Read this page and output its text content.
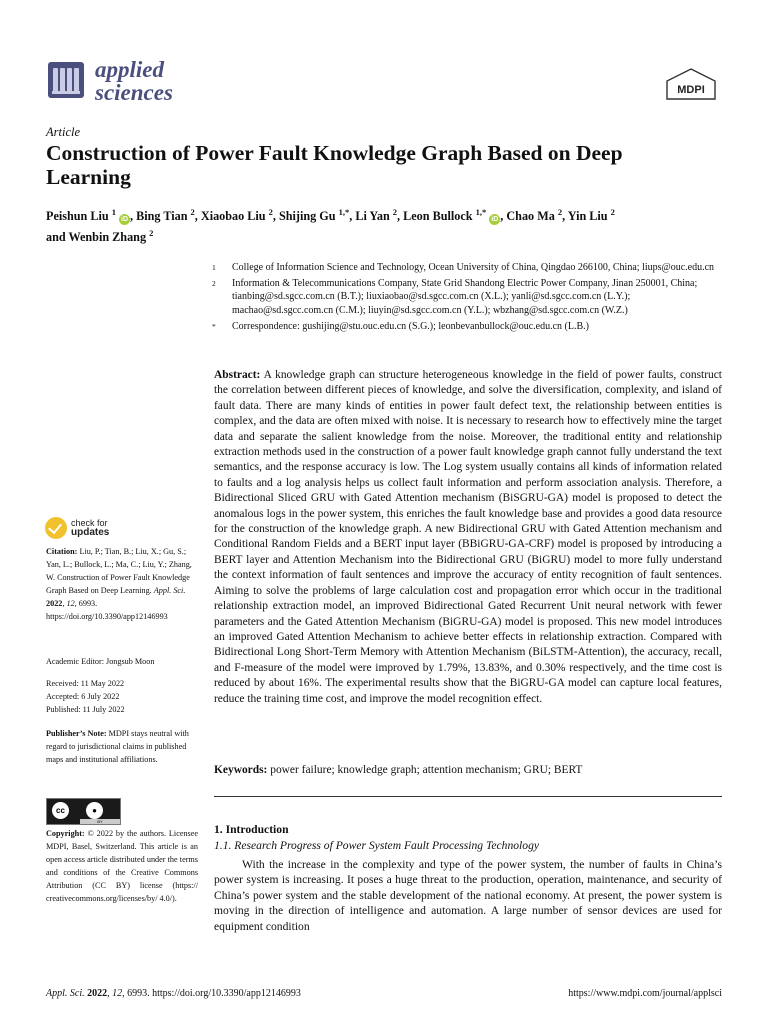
applied
sciences	MDPI
Article
Construction of Power Fault Knowledge Graph Based on Deep Learning
Peishun Liu $^1$ iD , Bing Tian $^2$, Xiaobao Liu $^2$, Shijing Gu $^{1,*}$, Li Yan $^2$, Leon Bullock $^{1,*}$ iD , Chao Ma $^2$, Yin Liu $^2$
and Wenbin Zhang $^2$
1	College of Information Science and Technology, Ocean University of China, Qingdao 266100, China; liups@ouc.edu.cn
2	Information & Telecommunications Company, State Grid Shandong Electric Power Company, Jinan 250001, China; tianbing@sd.sgcc.com.cn (B.T.); liuxiaobao@sd.sgcc.com.cn (X.L.); yanli@sd.sgcc.com.cn (L.Y.); machao@sd.sgcc.com.cn (C.M.); liuyin@sd.sgcc.com.cn (Y.L.); wbzhang@sd.sgcc.com.cn (W.Z.)
*	Correspondence: gushijing@stu.ouc.edu.cn (S.G.); leonbevanbullock@ouc.edu.cn (L.B.)
Abstract: A knowledge graph can structure heterogeneous knowledge in the field of power faults, construct the correlation between different pieces of knowledge, and solve the diversification, complexity, and island of fault data. There are many kinds of entities in power fault defect text, the relationship between entities is complex, and the data are often mixed with noise. It is necessary to research how to effectively mine the target data and separate the salient knowledge from the noise. Moreover, the traditional entity and relationship extraction methods used in the construction of a power fault knowledge graph cannot fully understand the text semantics, and the response accuracy is low. The Log system usually contains all kinds of information related to faults and a log analysis helps us collect fault information and perform association analysis. Therefore, a Bidirectional Sliced GRU with Gated Attention mechanism (BiSGRU-GA) model is proposed to detect the anomalous logs in the power system, this enriches the fault knowledge base and provides a good data resource for the construction of the knowledge graph. A new Bidirectional GRU with Gated Attention mechanism and Conditional Random Fields and a BERT input layer (BBiGRU-GA-CRF) model is proposed by introducing a BERT layer and Attention Mechanism into the Bidirectional GRU (BiGRU) model to more fully understand the context information of fault sentences and improve the accuracy of entity recognition of fault sentences. Aiming to solve the problems of large calculation cost and propagation error which occur in the traditional relationship extraction model, an improved Bidirectional Gated Recurrent Unit neural network with fewer parameters and the Gated Attention Mechanism (BiGRU-GA) model is proposed. This new model introduces an improved Gated Attention Mechanism to achieve better effects in relationship extraction. Compared with Bidirectional Long Short-Term Memory with Attention Mechanism (BiLSTM-Attention), the accuracy, recall, and F-measure of the model were improved by 1.79%, 13.83%, and 0.30% respectively, and the time cost is reduced by about 16%. The experimental results show that the BiGRU-GA model can capture local features, reduce the training time cost, and improve the model recognition effect.
Keywords: power failure; knowledge graph; attention mechanism; GRU; BERT
1. Introduction
1.1. Research Progress of Power System Fault Processing Technology
With the increase in the complexity and type of the power system, the number of faults in China’s power system is increasing. It poses a huge threat to the production, operation, maintenance, and security of China’s power system and the stable development of the national economy. At present, the power system is moving in the direction of intelligence and automation. A large number of sensor devices are used for equipment condition
check for
updates
Citation: Liu, P.; Tian, B.; Liu, X.; Gu, S.; Yan, L.; Bullock, L.; Ma, C.; Liu, Y.; Zhang, W. Construction of Power Fault Knowledge Graph Based on Deep Learning. Appl. Sci. 2022, 12, 6993. https://doi.org/10.3390/app12146993
Academic Editor: Jongsub Moon
Received: 11 May 2022
Accepted: 6 July 2022
Published: 11 July 2022
Publisher’s Note: MDPI stays neutral with regard to jurisdictional claims in published maps and institutional affiliations.
cc	●
BY
Copyright: © 2022 by the authors. Licensee MDPI, Basel, Switzerland. This article is an open access article distributed under the terms and conditions of the Creative Commons Attribution (CC BY) license (https:// creativecommons.org/licenses/by/ 4.0/).
Appl. Sci. 2022, 12, 6993. https://doi.org/10.3390/app12146993	https://www.mdpi.com/journal/applsci
